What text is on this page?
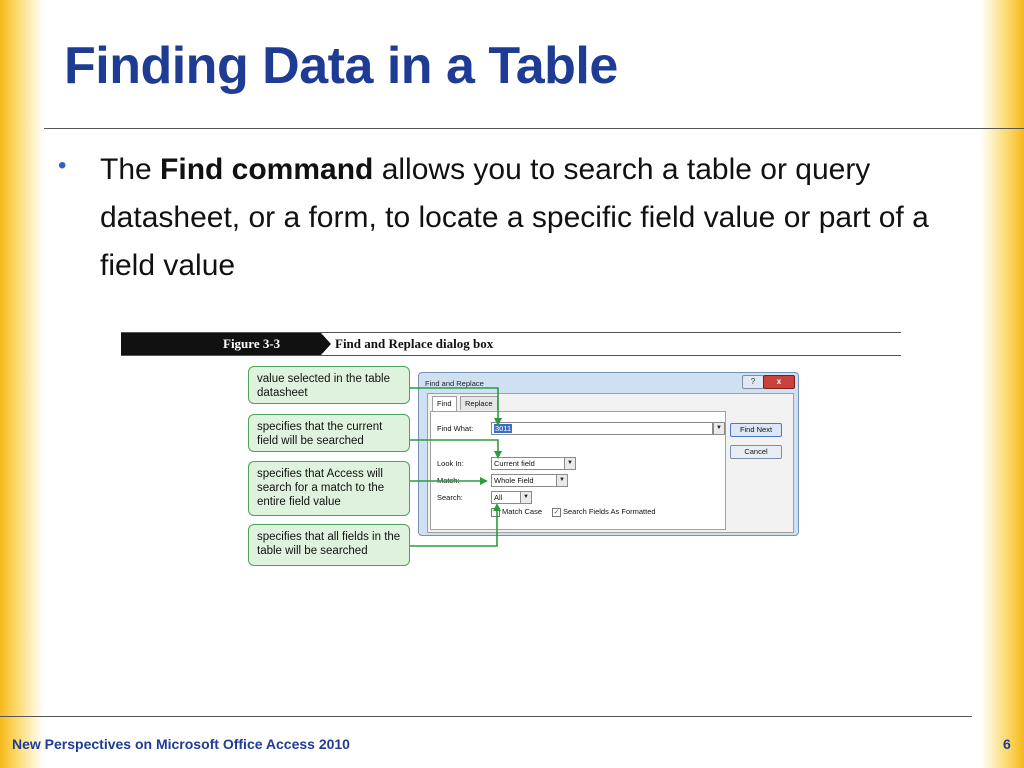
Finding Data in a Table
• The Find command allows you to search a table or query datasheet, or a form, to locate a specific field value or part of a field value
Figure 3-3	Find and Replace dialog box
value selected in the table datasheet
specifies that the current field will be searched
specifies that Access will search for a match to the entire field value
specifies that all fields in the table will be searched
Find and Replace	?	x
Find What:	3011	▼
Look In:	Current field	▼
Match:	Whole Field	▼
Search:	All	▼
Match Case ✓ Search Fields As Formatted
Find	Replace
Find Next
Cancel
New Perspectives on Microsoft Office Access 2010	6
